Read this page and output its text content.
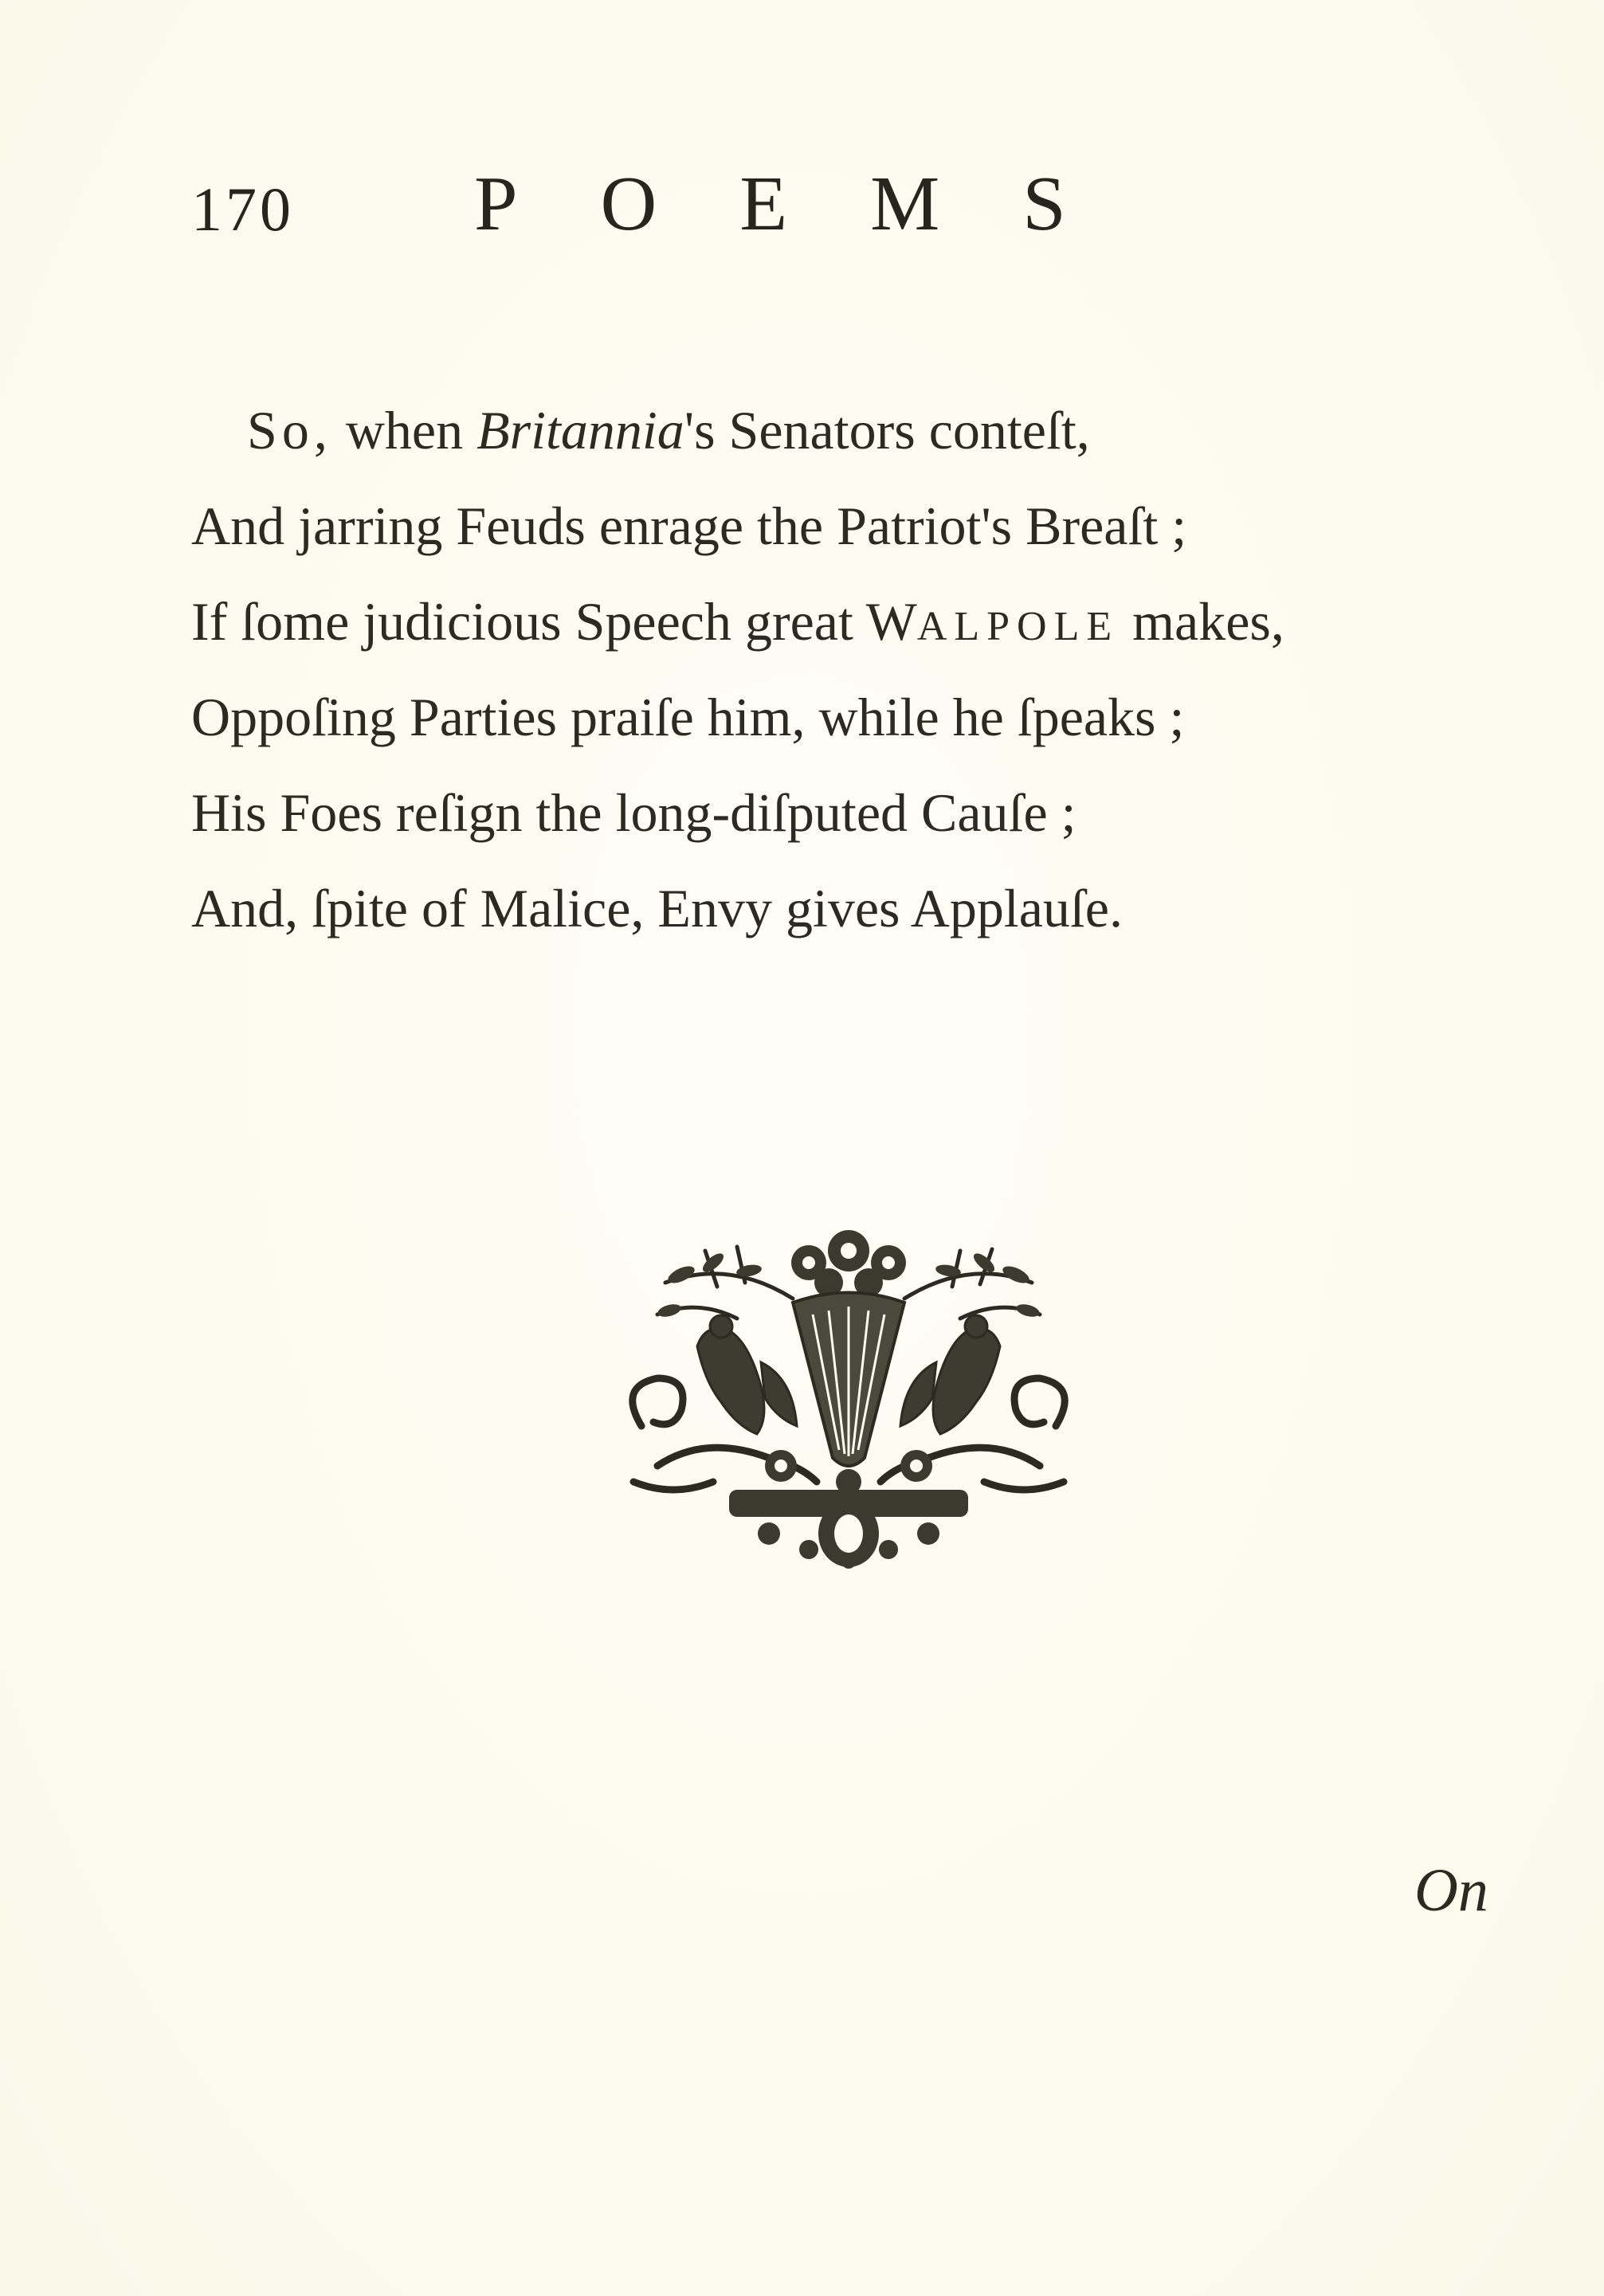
170 POEMS
So, when Britannia's Senators conteſt,
And jarring Feuds enrage the Patriot's Breaſt ;
If ſome judicious Speech great WALPOLE makes,
Oppoſing Parties praiſe him, while he ſpeaks ;
His Foes reſign the long-diſputed Cauſe ;
And, ſpite of Malice, Envy gives Applauſe.
On
